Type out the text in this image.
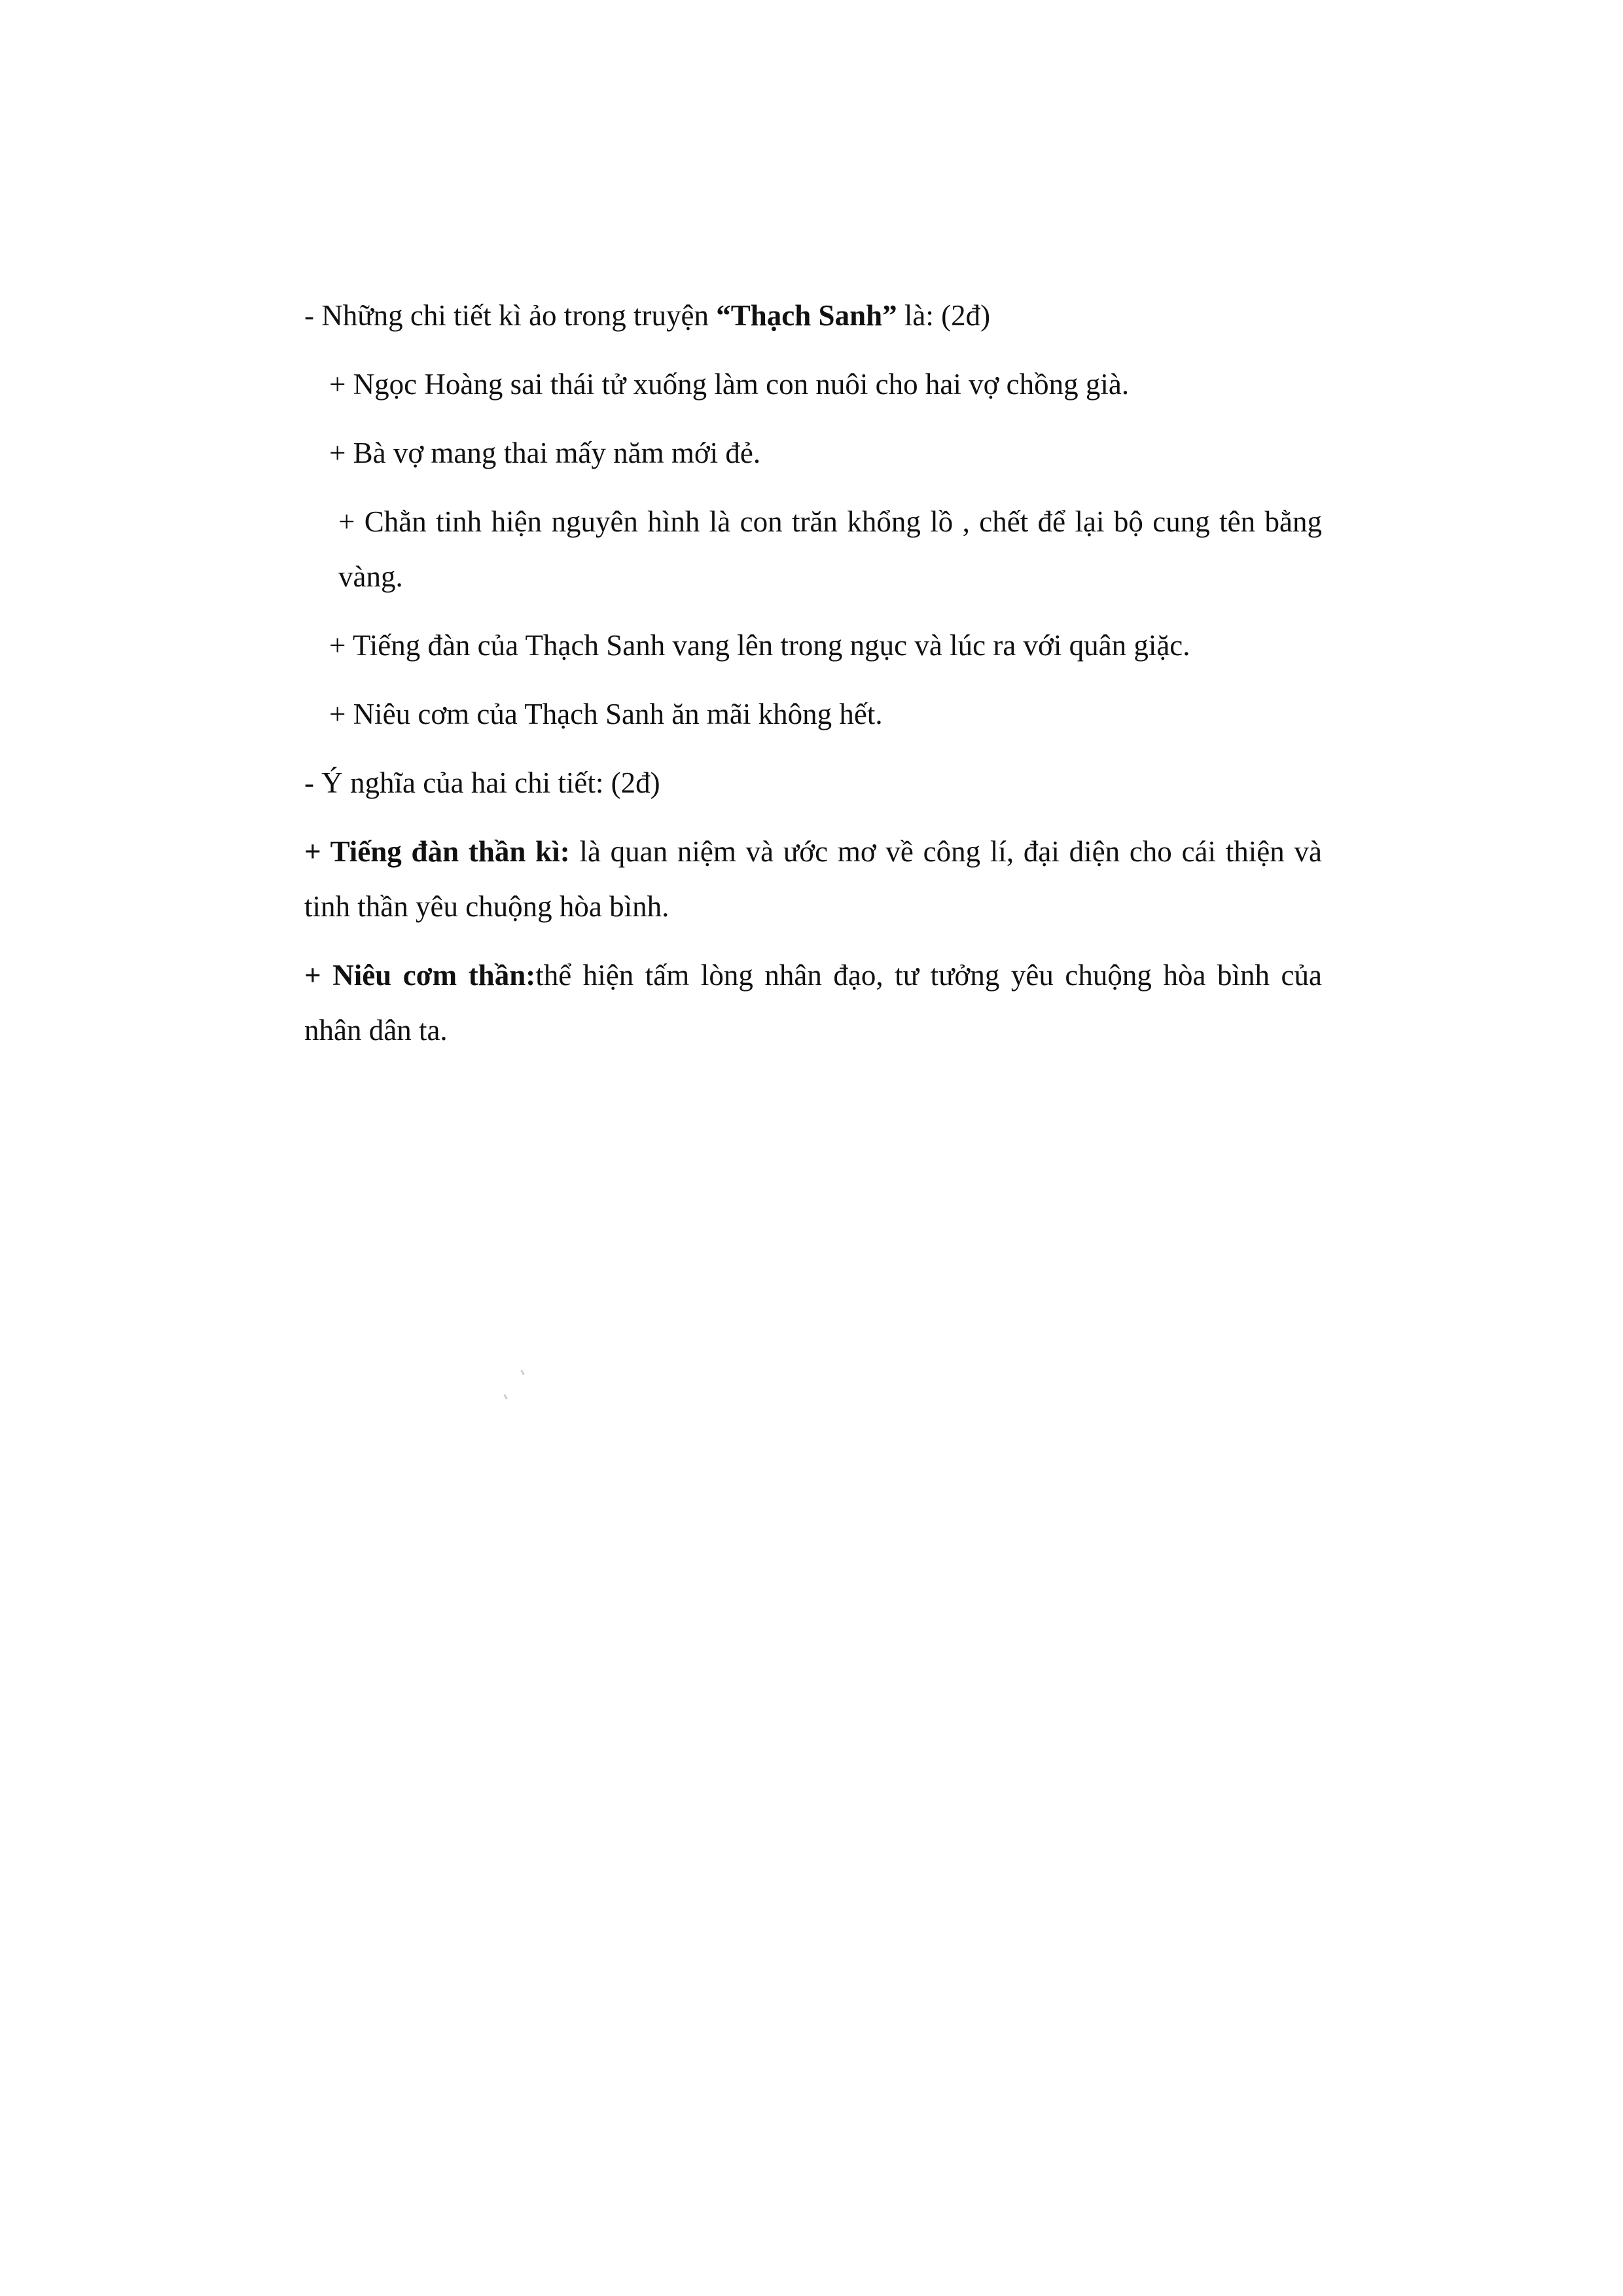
- Những chi tiết kì ảo trong truyện “Thạch Sanh” là: (2đ)

+ Ngọc Hoàng sai thái tử xuống làm con nuôi cho hai vợ chồng già.

+ Bà vợ mang thai mấy năm mới đẻ.

+ Chằn tinh hiện nguyên hình là con trăn khổng lồ , chết để lại bộ cung tên bằng vàng.

+ Tiếng đàn của Thạch Sanh vang lên trong ngục và lúc ra với quân giặc.

+ Niêu cơm của Thạch Sanh ăn mãi không hết.

- Ý nghĩa của hai chi tiết: (2đ)

+ Tiếng đàn thần kì: là quan niệm và ước mơ về công lí, đại diện cho cái thiện và tinh thần yêu chuộng hòa bình.

+ Niêu cơm thần:thể hiện tấm lòng nhân đạo, tư tưởng yêu chuộng hòa bình của nhân dân ta.
